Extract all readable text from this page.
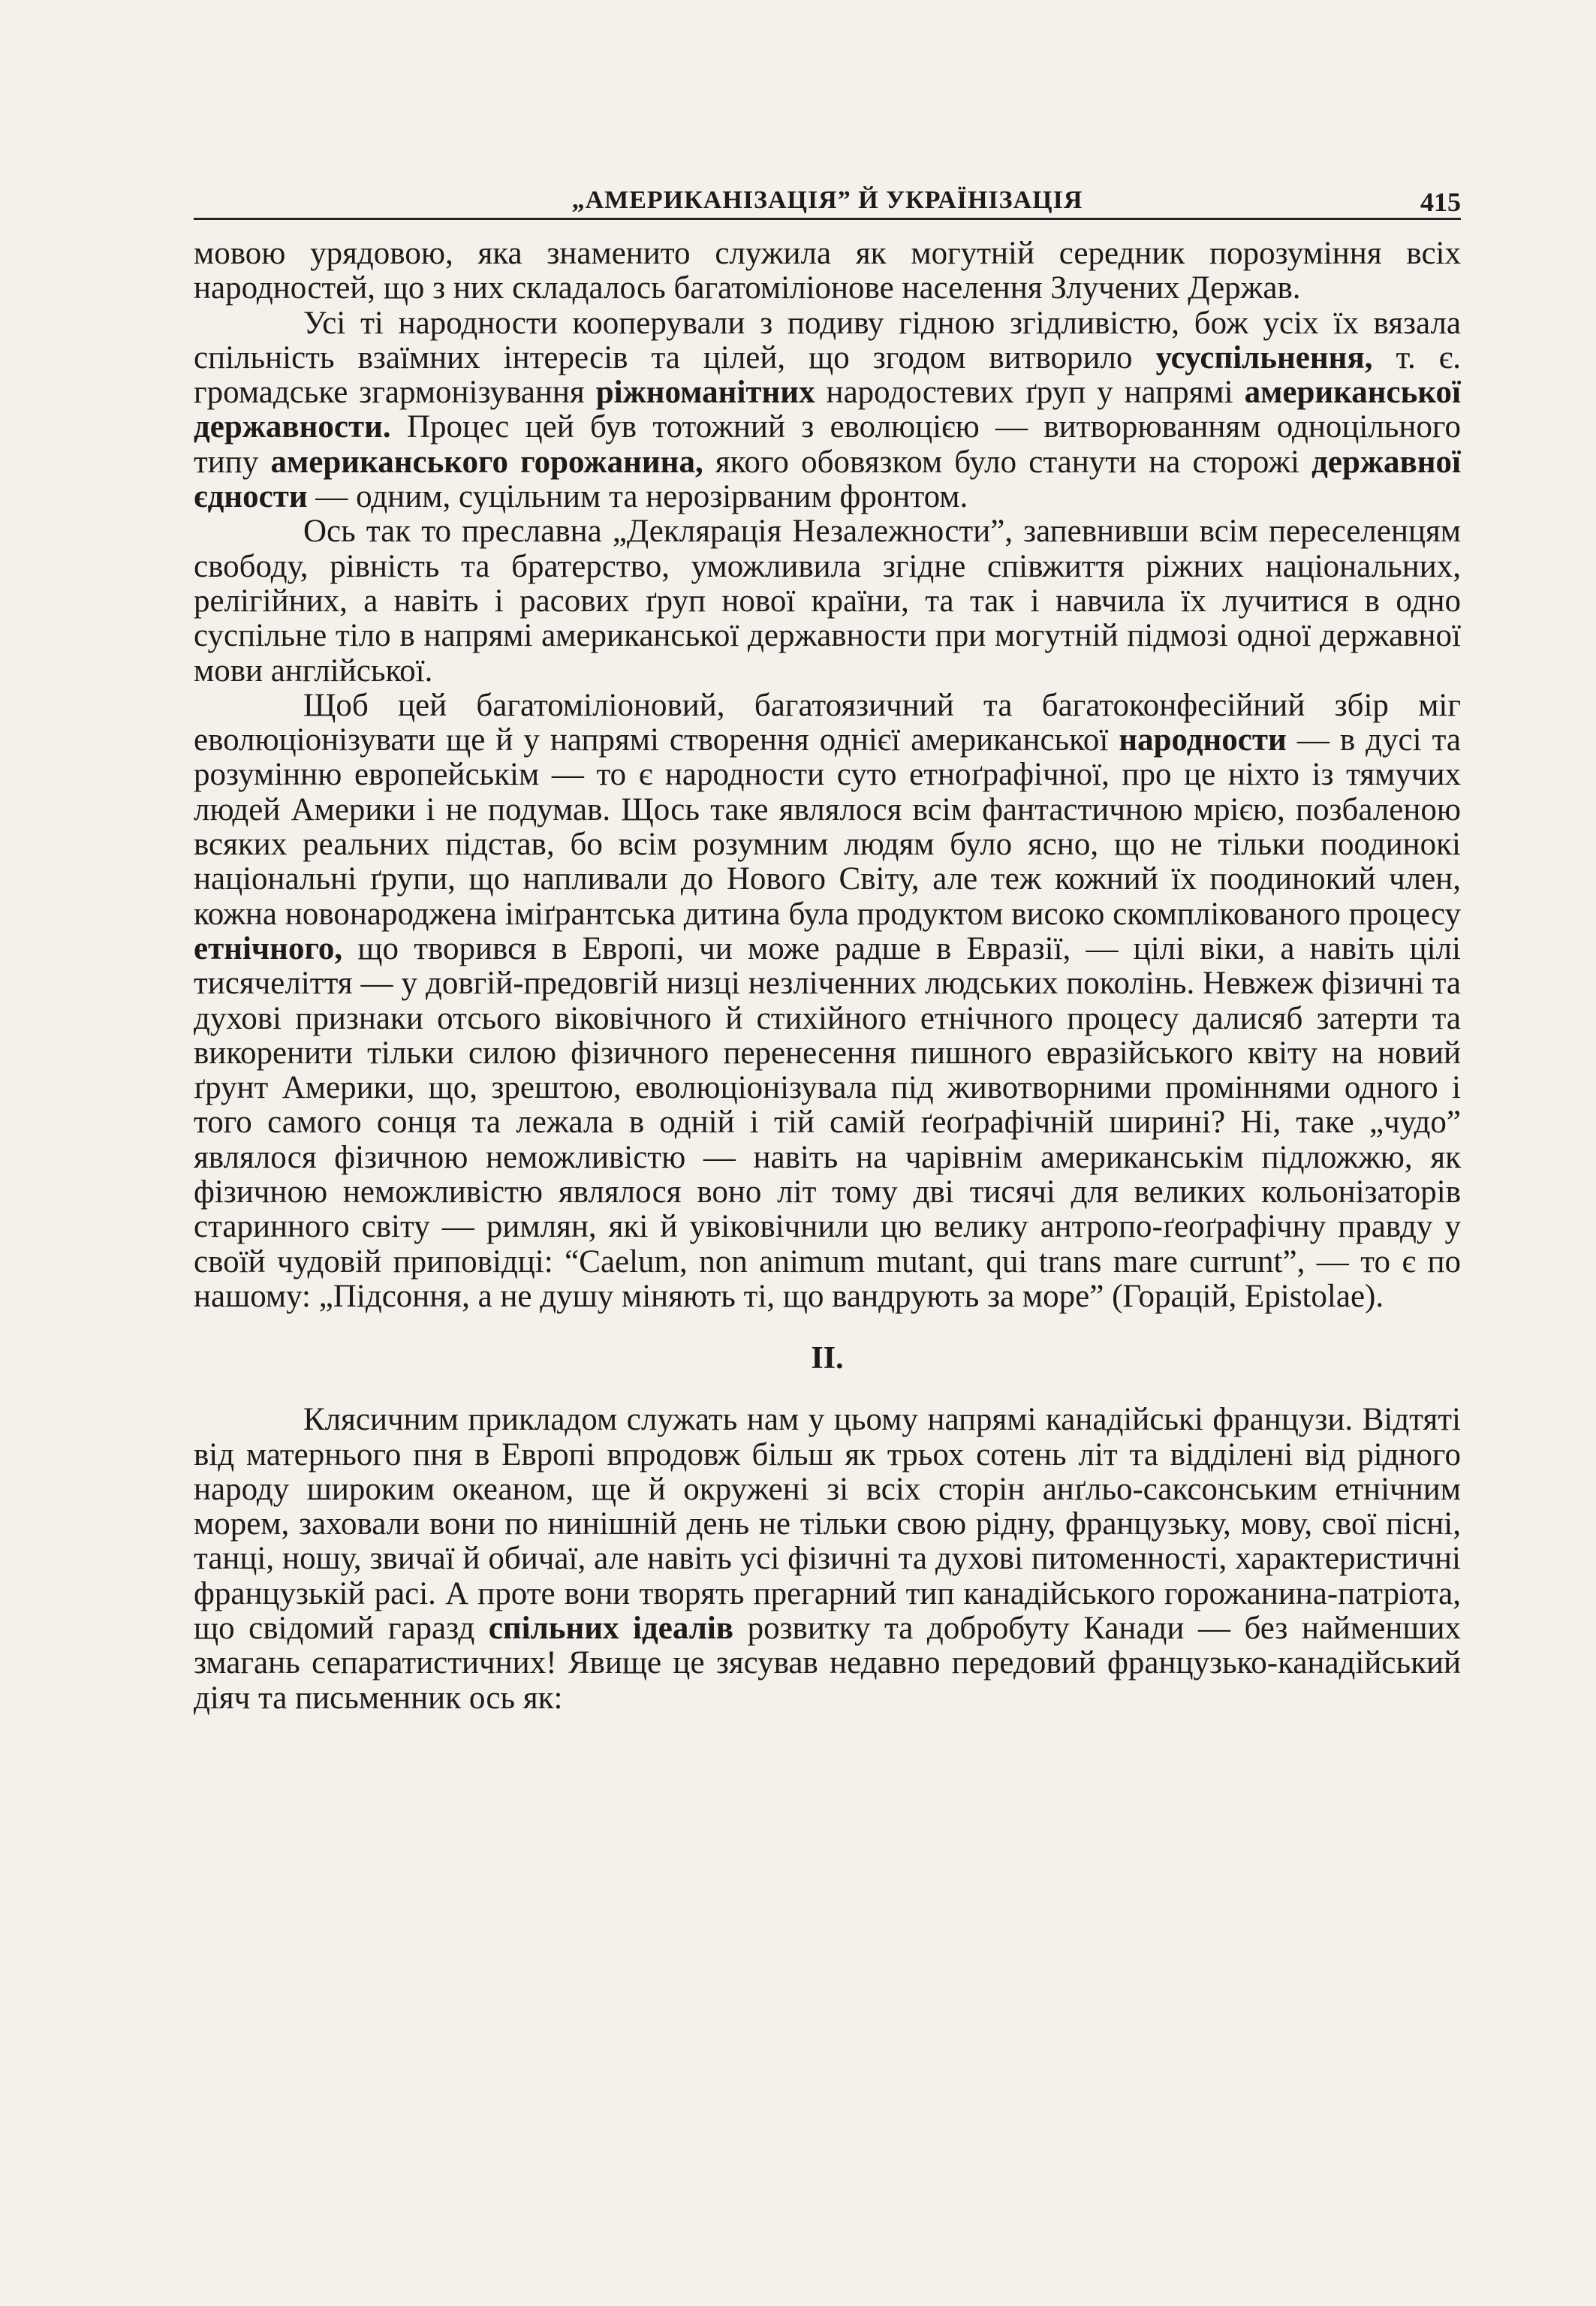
„АМЕРИКАНІЗАЦІЯ” Й УКРАЇНІЗАЦІЯ	415

мовою урядовою, яка знаменито служила як могутній середник порозуміння всіх народностей, що з них складалось багатоміліонове населення Злучених Держав.

Усі ті народности кооперували з подиву гідною згідливістю, бож усіх їх вязала спільність взаїмних інтересів та цілей, що згодом витворило усуспільнення, т. є. громадське згармонізування ріжноманітних народостевих ґруп у напрямі американської державности. Процес цей був тотожний з еволюцією — витворюванням одноцільного типу американського горожанина, якого обовязком було станути на сторожі державної єдности — одним, суцільним та нерозірваним фронтом.

Ось так то преславна „Деклярація Незалежности”, запевнивши всім переселенцям свободу, рівність та братерство, уможливила згідне співжиття ріжних національних, релігійних, а навіть і расових ґруп нової країни, та так і навчила їх лучитися в одно суспільне тіло в напрямі американської державности при могутній підмозі одної державної мови англійської.

Щоб цей багатоміліоновий, багатоязичний та багатоконфесійний збір міг еволюціонізувати ще й у напрямі створення однієї американської народности — в дусі та розумінню европейськім — то є народности суто етноґрафічної, про це ніхто із тямучих людей Америки і не подумав. Щось таке являлося всім фантастичною мрією, позбаленою всяких реальних підстав, бо всім розумним людям було ясно, що не тільки поодинокі національні ґрупи, що напливали до Нового Світу, але теж кожний їх поодинокий член, кожна новонароджена іміґрантська дитина була продуктом високо скомплікованого процесу етнічного, що творився в Европі, чи може радше в Евразії, — цілі віки, а навіть цілі тисячеліття — у довгій-предовгій низці незліченних людських поколінь. Невжеж фізичні та духові признаки отсього віковічного й стихійного етнічного процесу далисяб затерти та викоренити тільки силою фізичного перенесення пишного евразійського квіту на новий ґрунт Америки, що, зрештою, еволюціонізувала під животворними проміннями одного і того самого сонця та лежала в одній і тій самій ґеоґрафічній ширині? Ні, таке „чудо” являлося фізичною неможливістю — навіть на чарівнім американськім підложжю, як фізичною неможливістю являлося воно літ тому дві тисячі для великих кольонізаторів старинного світу — римлян, які й увіковічнили цю велику антропо-ґеоґрафічну правду у своїй чудовій приповідці: “Caelum, non animum mutant, qui trans mare currunt”, — то є по нашому: „Підсоння, а не душу міняють ті, що вандрують за море” (Горацій, Epistolae).

II.

Клясичним прикладом служать нам у цьому напрямі канадійські французи. Відтяті від матернього пня в Европі впродовж більш як трьох сотень літ та відділені від рідного народу широким океаном, ще й окружені зі всіх сторін анґльо-саксонським етнічним морем, заховали вони по нинішній день не тільки свою рідну, французьку, мову, свої пісні, танці, ношу, звичаї й обичаї, але навіть усі фізичні та духові питоменності, характеристичні французькій расі. А проте вони творять прегарний тип канадійського горожанина-патріота, що свідомий гаразд спільних ідеалів розвитку та добробуту Канади — без найменших змагань сепаратистичних! Явище це зясував недавно передовий французько-канадійський діяч та письменник ось як:
